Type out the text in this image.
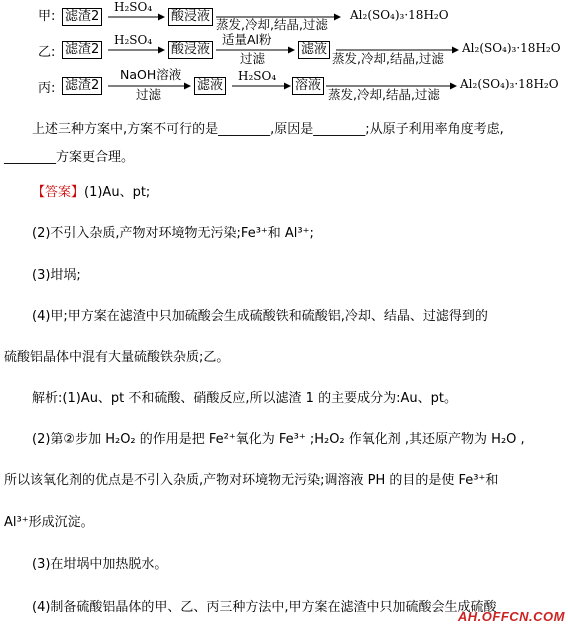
甲: 滤渣2
H₂SO₄
酸浸液
蒸发,冷却,结晶,过滤
Al₂(SO₄)₃·18H₂O
乙: 滤渣2
H₂SO₄
酸浸液
适量Al粉
过滤
滤液
蒸发,冷却,结晶,过滤
Al₂(SO₄)₃·18H₂O
丙: 滤渣2
NaOH溶液
过滤
滤液
H₂SO₄
溶液
蒸发,冷却,结晶,过滤
Al₂(SO₄)₃·18H₂O
上述三种方案中,方案不可行的是________,原因是________;从原子利用率角度考虑,
________方案更合理。
【答案】(1)Au、pt;
(2)不引入杂质,产物对环境物无污染;Fe³⁺和 Al³⁺;
(3)坩埚;
(4)甲;甲方案在滤渣中只加硫酸会生成硫酸铁和硫酸铝,冷却、结晶、过滤得到的
硫酸铝晶体中混有大量硫酸铁杂质;乙。
解析:(1)Au、pt 不和硫酸、硝酸反应,所以滤渣 1 的主要成分为:Au、pt。
(2)第②步加 H₂O₂ 的作用是把 Fe²⁺氧化为 Fe³⁺ ;H₂O₂ 作氧化剂 ,其还原产物为 H₂O ,
所以该氧化剂的优点是不引入杂质,产物对环境物无污染;调溶液 PH 的目的是使 Fe³⁺和
Al³⁺形成沉淀。
(3)在坩埚中加热脱水。
(4)制备硫酸铝晶体的甲、乙、丙三种方法中,甲方案在滤渣中只加硫酸会生成硫酸
AH.OFFCN.COM
